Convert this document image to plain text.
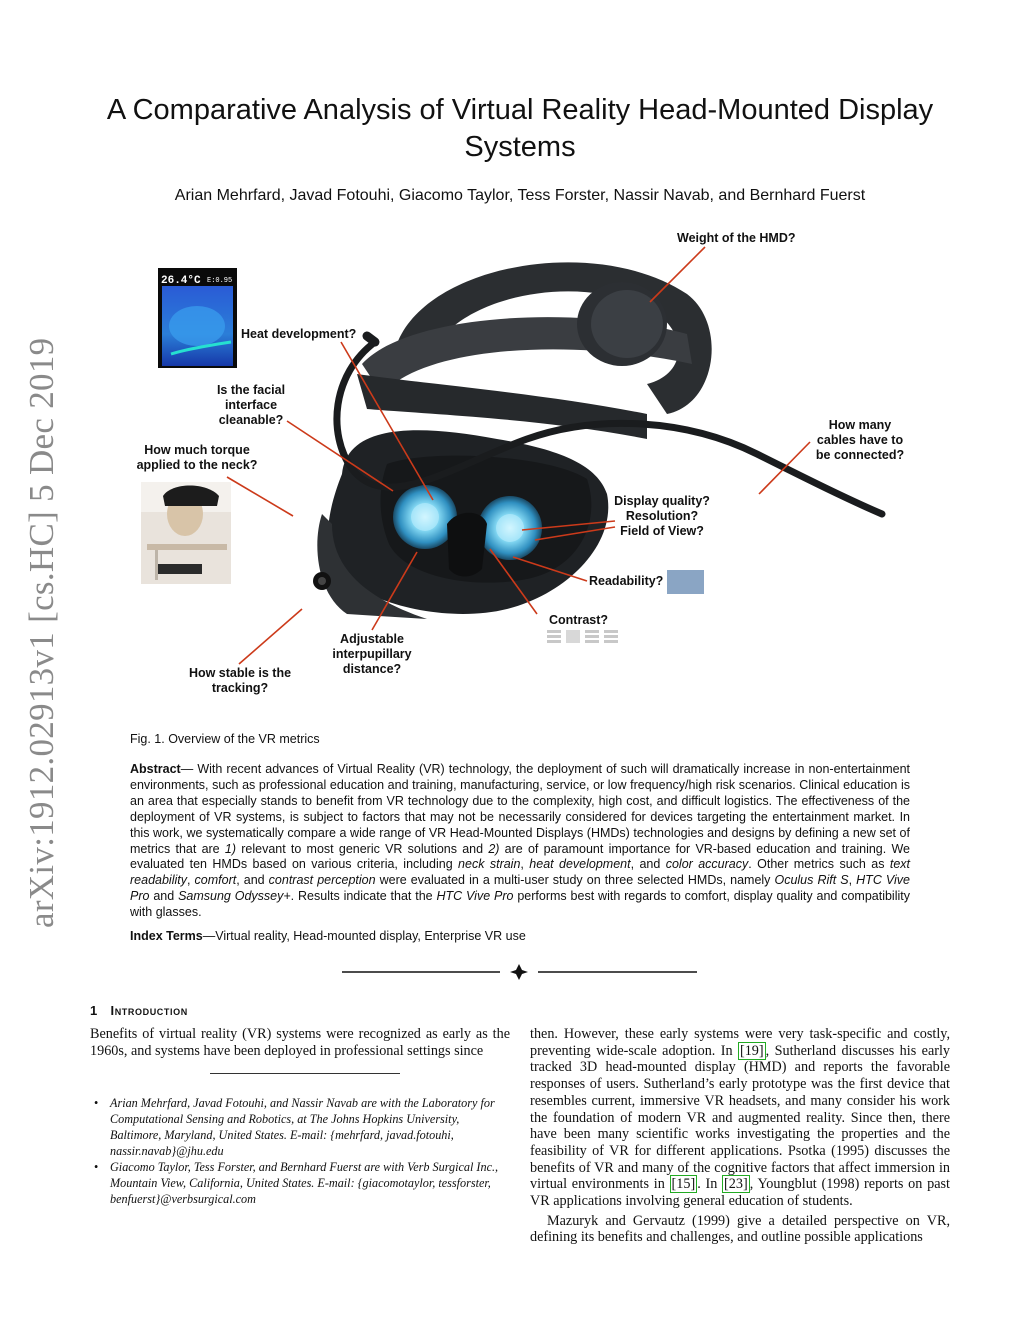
arXiv:1912.02913v1 [cs.HC] 5 Dec 2019
A Comparative Analysis of Virtual Reality Head-Mounted Display Systems
Arian Mehrfard, Javad Fotouhi, Giacomo Taylor, Tess Forster, Nassir Navab, and Bernhard Fuerst
26.4°C E:0.95
Weight of the HMD?
Heat development?
Is the facial
interface
cleanable?
How much torque
applied to the neck?
How many
cables have to
be connected?
Display quality?
Resolution?
Field of View?
Readability?
Contrast?
Adjustable
interpupillary
distance?
How stable is the
tracking?
Fig. 1. Overview of the VR metrics

Abstract— With recent advances of Virtual Reality (VR) technology, the deployment of such will dramatically increase in non-entertainment environments, such as professional education and training, manufacturing, service, or low frequency/high risk scenarios. Clinical education is an area that especially stands to benefit from VR technology due to the complexity, high cost, and difficult logistics. The effectiveness of the deployment of VR systems, is subject to factors that may not be necessarily considered for devices targeting the entertainment market. In this work, we systematically compare a wide range of VR Head-Mounted Displays (HMDs) technologies and designs by defining a new set of metrics that are 1) relevant to most generic VR solutions and 2) are of paramount importance for VR-based education and training. We evaluated ten HMDs based on various criteria, including neck strain, heat development, and color accuracy. Other metrics such as text readability, comfort, and contrast perception were evaluated in a multi-user study on three selected HMDs, namely Oculus Rift S, HTC Vive Pro and Samsung Odyssey+. Results indicate that the HTC Vive Pro performs best with regards to comfort, display quality and compatibility with glasses.

Index Terms—Virtual reality, Head-mounted display, Enterprise VR use
1 Introduction

Benefits of virtual reality (VR) systems were recognized as early as the 1960s, and systems have been deployed in professional settings since

• Arian Mehrfard, Javad Fotouhi, and Nassir Navab are with the Laboratory for Computational Sensing and Robotics, at The Johns Hopkins University, Baltimore, Maryland, United States. E-mail: {mehrfard, javad.fotouhi, nassir.navab}@jhu.edu
• Giacomo Taylor, Tess Forster, and Bernhard Fuerst are with Verb Surgical Inc., Mountain View, California, United States. E-mail: {giacomotaylor, tessforster, benfuerst}@verbsurgical.com

then. However, these early systems were very task-specific and costly, preventing wide-scale adoption. In [19] , Sutherland discusses his early tracked 3D head-mounted display (HMD) and reports the favorable responses of users. Sutherland’s early prototype was the first device that resembles current, immersive VR headsets, and many consider his work the foundation of modern VR and augmented reality. Since then, there have been many scientific works investigating the properties and the feasibility of VR for different applications. Psotka (1995) discusses the benefits of VR and many of the cognitive factors that affect immersion in virtual environments in [15] . In [23] , Youngblut (1998) reports on past VR applications involving general education of students.

Mazuryk and Gervautz (1999) give a detailed perspective on VR, defining its benefits and challenges, and outline possible applications
